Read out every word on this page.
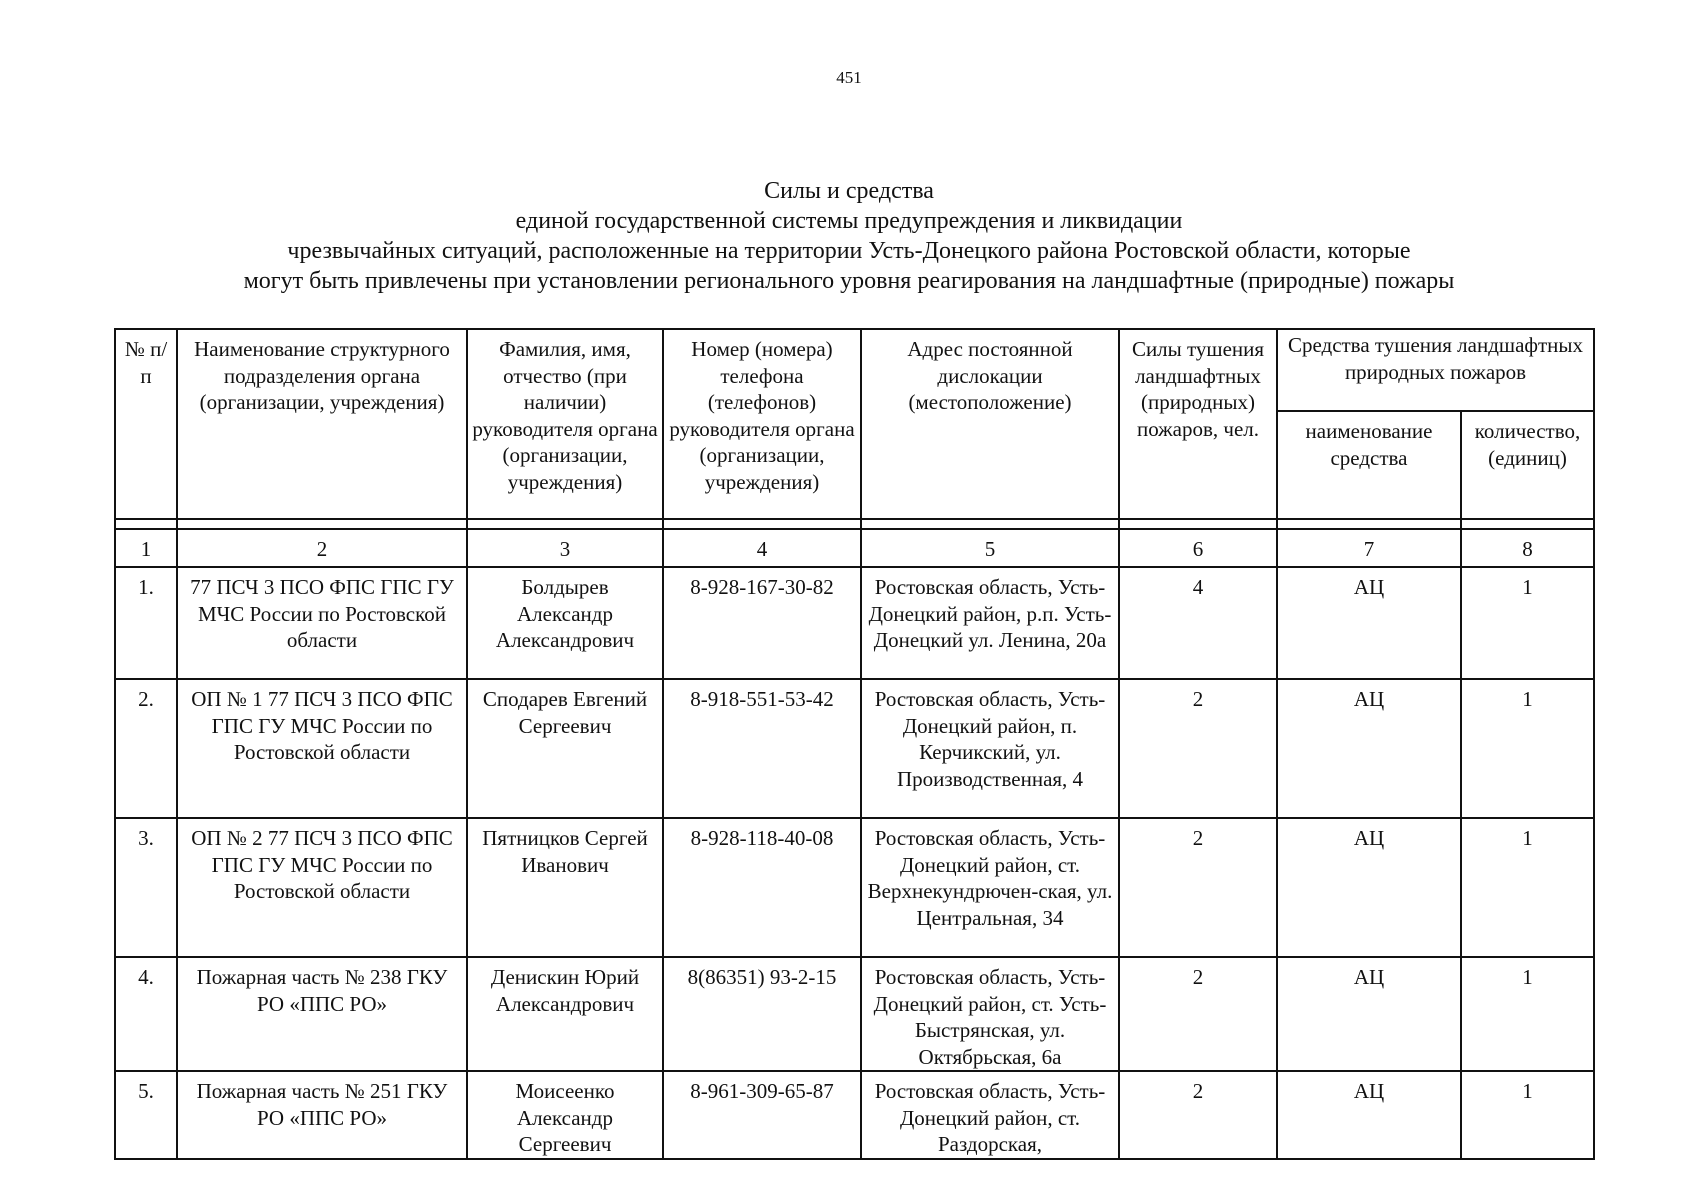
451
Силы и средства
единой государственной системы предупреждения и ликвидации
чрезвычайных ситуаций, расположенные на территории Усть-Донецкого района Ростовской области, которые
могут быть привлечены при установлении регионального уровня реагирования на ландшафтные (природные) пожары
№ п/п	Наименование структурного подразделения органа (организации, учреждения)	Фамилия, имя, отчество (при наличии) руководителя органа (организации, учреждения)	Номер (номера) телефона (телефонов) руководителя органа (организации, учреждения)	Адрес постоянной дислокации (местоположение)	Силы тушения ландшафтных (природных) пожаров, чел.	Средства тушения ландшафтных природных пожаров	
						наименование средства	количество, (единиц)

1	2	3	4	5	6	7	8
1.	77 ПСЧ 3 ПСО ФПС ГПС ГУ МЧС России по Ростовской области	Болдырев Александр Александрович	8-928-167-30-82	Ростовская область, Усть-Донецкий район, р.п. Усть-Донецкий ул. Ленина, 20а	4	АЦ	1
2.	ОП № 1 77 ПСЧ 3 ПСО ФПС ГПС ГУ МЧС России по Ростовской области	Сподарев Евгений Сергеевич	8-918-551-53-42	Ростовская область, Усть-Донецкий район, п. Керчикский, ул. Производственная, 4	2	АЦ	1
3.	ОП № 2 77 ПСЧ 3 ПСО ФПС ГПС ГУ МЧС России по Ростовской области	Пятницков Сергей Иванович	8-928-118-40-08	Ростовская область, Усть-Донецкий район, ст. Верхнекундрючен-ская, ул. Центральная, 34	2	АЦ	1
4.	Пожарная часть № 238 ГКУ РО «ППС РО»	Денискин Юрий Александрович	8(86351) 93-2-15	Ростовская область, Усть-Донецкий район, ст. Усть-Быстрянская, ул. Октябрьская, 6а	2	АЦ	1
5.	Пожарная часть № 251 ГКУ РО «ППС РО»	Моисеенко Александр Сергеевич	8-961-309-65-87	Ростовская область, Усть-Донецкий район, ст. Раздорская,	2	АЦ	1
